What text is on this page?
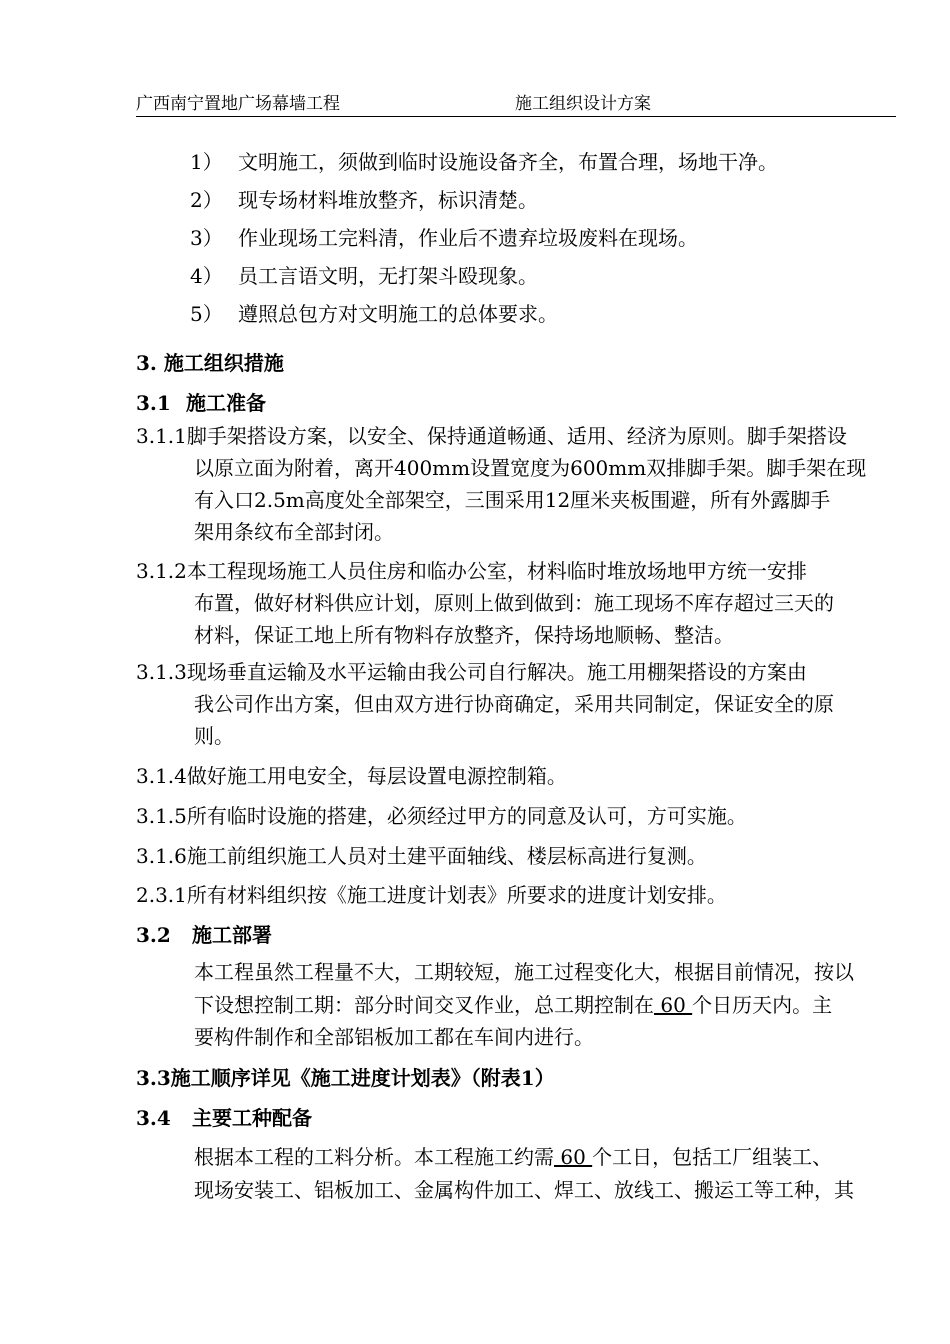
广西南宁置地广场幕墙工程	施工组织设计方案
1） 文明施工，须做到临时设施设备齐全，布置合理，场地干净。
2） 现专场材料堆放整齐，标识清楚。
3） 作业现场工完料清，作业后不遗弃垃圾废料在现场。
4） 员工言语文明，无打架斗殴现象。
5） 遵照总包方对文明施工的总体要求。
3. 施工组织措施
3.1 施工准备
3.1.1脚手架搭设方案，以安全、保持通道畅通、适用、经济为原则。脚手架搭设
以原立面为附着，离开400mm设置宽度为600mm双排脚手架。脚手架在现
有入口2.5m高度处全部架空，三围采用12厘米夹板围避，所有外露脚手
架用条纹布全部封闭。
3.1.2本工程现场施工人员住房和临办公室，材料临时堆放场地甲方统一安排
布置，做好材料供应计划，原则上做到做到：施工现场不库存超过三天的
材料，保证工地上所有物料存放整齐，保持场地顺畅、整洁。
3.1.3现场垂直运输及水平运输由我公司自行解决。施工用棚架搭设的方案由
我公司作出方案，但由双方进行协商确定，采用共同制定，保证安全的原
则。
3.1.4做好施工用电安全，每层设置电源控制箱。
3.1.5所有临时设施的搭建，必须经过甲方的同意及认可，方可实施。
3.1.6施工前组织施工人员对土建平面轴线、楼层标高进行复测。
2.3.1所有材料组织按《施工进度计划表》所要求的进度计划安排。
3.2 施工部署
本工程虽然工程量不大，工期较短，施工过程变化大，根据目前情况，按以
下设想控制工期：部分时间交叉作业，总工期控制在 60 个日历天内。主
要构件制作和全部铝板加工都在车间内进行。
3.3施工顺序详见《施工进度计划表》（附表1）
3.4 主要工种配备
根据本工程的工料分析。本工程施工约需 60 个工日，包括工厂组装工、
现场安装工、铝板加工、金属构件加工、焊工、放线工、搬运工等工种，其
